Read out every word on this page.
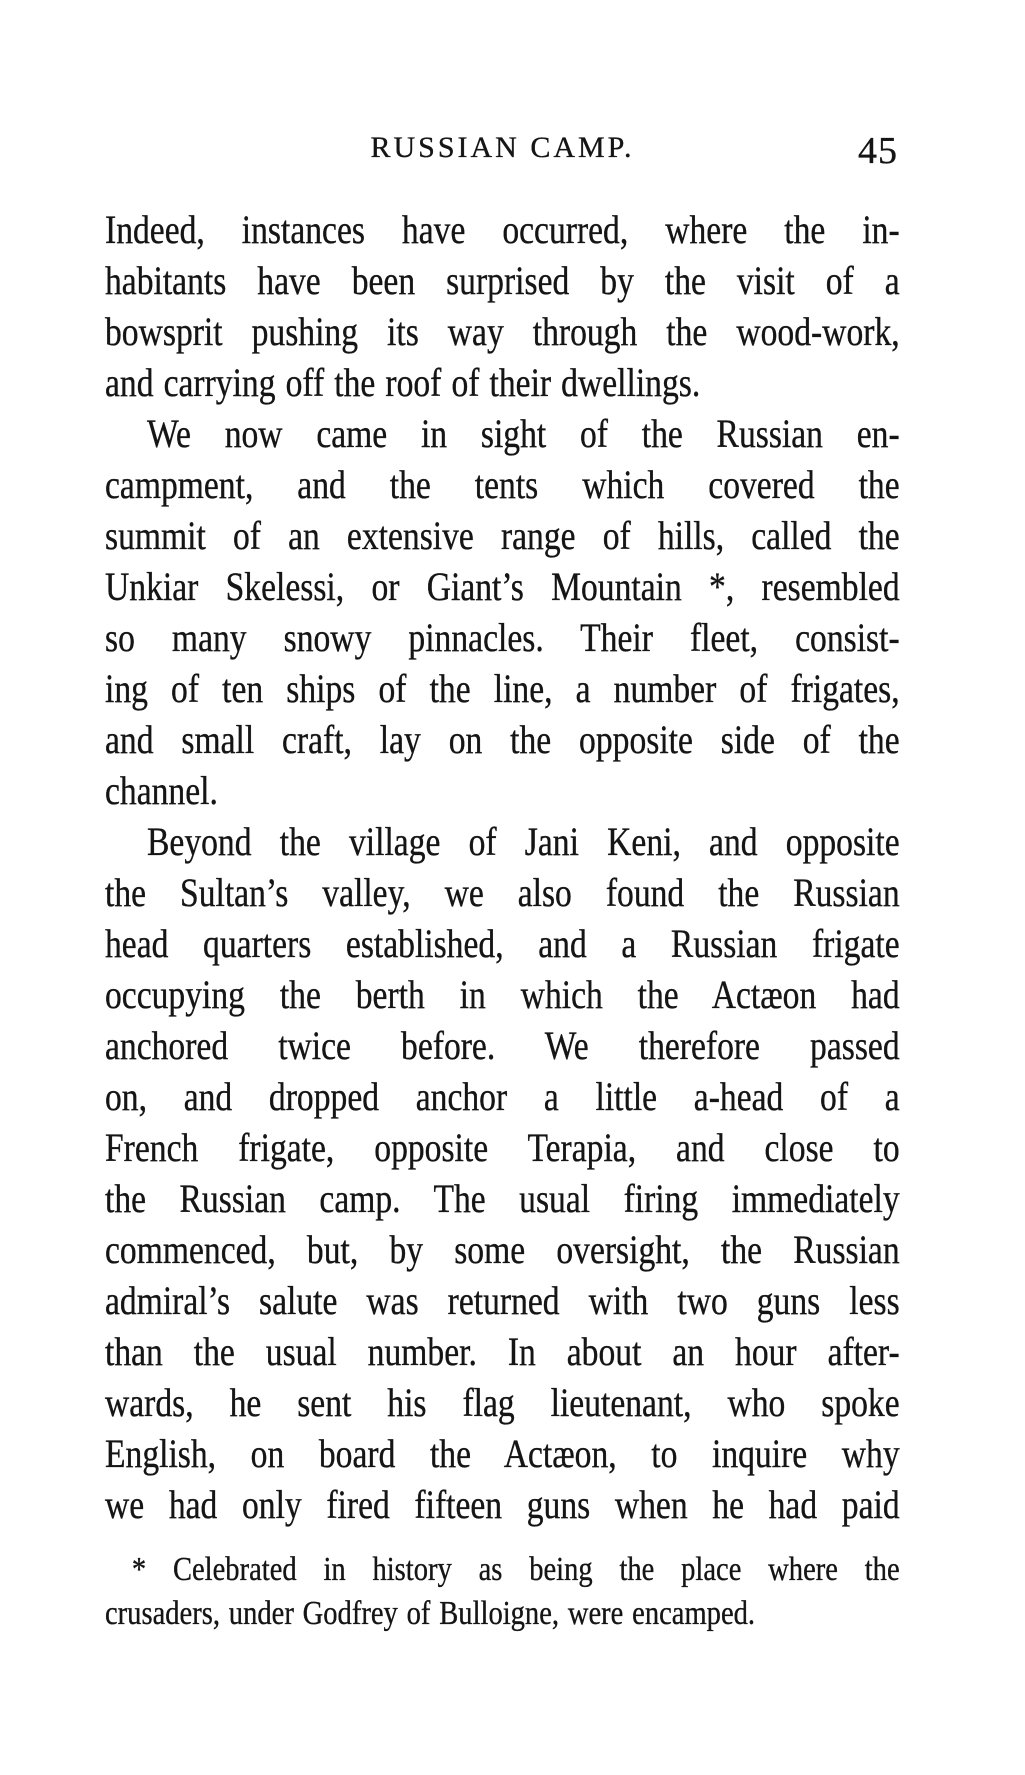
RUSSIAN CAMP.	45
Indeed, instances have occurred, where the in-
habitants have been surprised by the visit of a
bowsprit pushing its way through the wood-work,
and carrying off the roof of their dwellings.
We now came in sight of the Russian en-
campment, and the tents which covered the
summit of an extensive range of hills, called the
Unkiar Skelessi, or Giant’s Mountain *, resembled
so many snowy pinnacles. Their fleet, consist-
ing of ten ships of the line, a number of frigates,
and small craft, lay on the opposite side of the
channel.
Beyond the village of Jani Keni, and opposite
the Sultan’s valley, we also found the Russian
head quarters established, and a Russian frigate
occupying the berth in which the Actæon had
anchored twice before. We therefore passed
on, and dropped anchor a little a-head of a
French frigate, opposite Terapia, and close to
the Russian camp. The usual firing immediately
commenced, but, by some oversight, the Russian
admiral’s salute was returned with two guns less
than the usual number. In about an hour after-
wards, he sent his flag lieutenant, who spoke
English, on board the Actæon, to inquire why
we had only fired fifteen guns when he had paid
* Celebrated in history as being the place where the
crusaders, under Godfrey of Bulloigne, were encamped.
